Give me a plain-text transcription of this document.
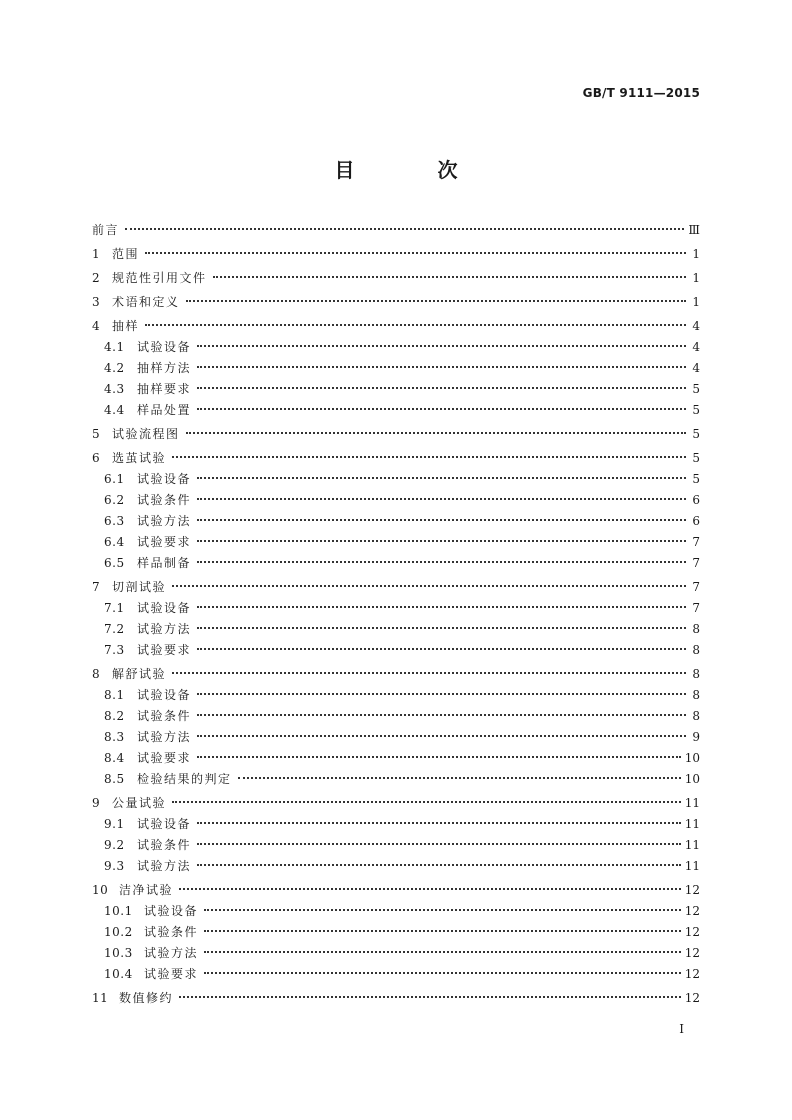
GB/T 9111—2015
目 次
前言	Ⅲ
1 范围	1
2 规范性引用文件	1
3 术语和定义	1
4 抽样	4
4.1	试验设备	4
4.2	抽样方法	4
4.3	抽样要求	5
4.4	样品处置	5
5 试验流程图	5
6 选茧试验	5
6.1	试验设备	5
6.2	试验条件	6
6.3	试验方法	6
6.4	试验要求	7
6.5	样品制备	7
7 切剖试验	7
7.1	试验设备	7
7.2	试验方法	8
7.3	试验要求	8
8 解舒试验	8
8.1	试验设备	8
8.2	试验条件	8
8.3	试验方法	9
8.4	试验要求	10
8.5	检验结果的判定	10
9 公量试验	11
9.1	试验设备	11
9.2	试验条件	11
9.3	试验方法	11
10 洁净试验	12
10.1 试验设备	12
10.2 试验条件	12
10.3 试验方法	12
10.4 试验要求	12
11 数值修约	12
Ⅰ
